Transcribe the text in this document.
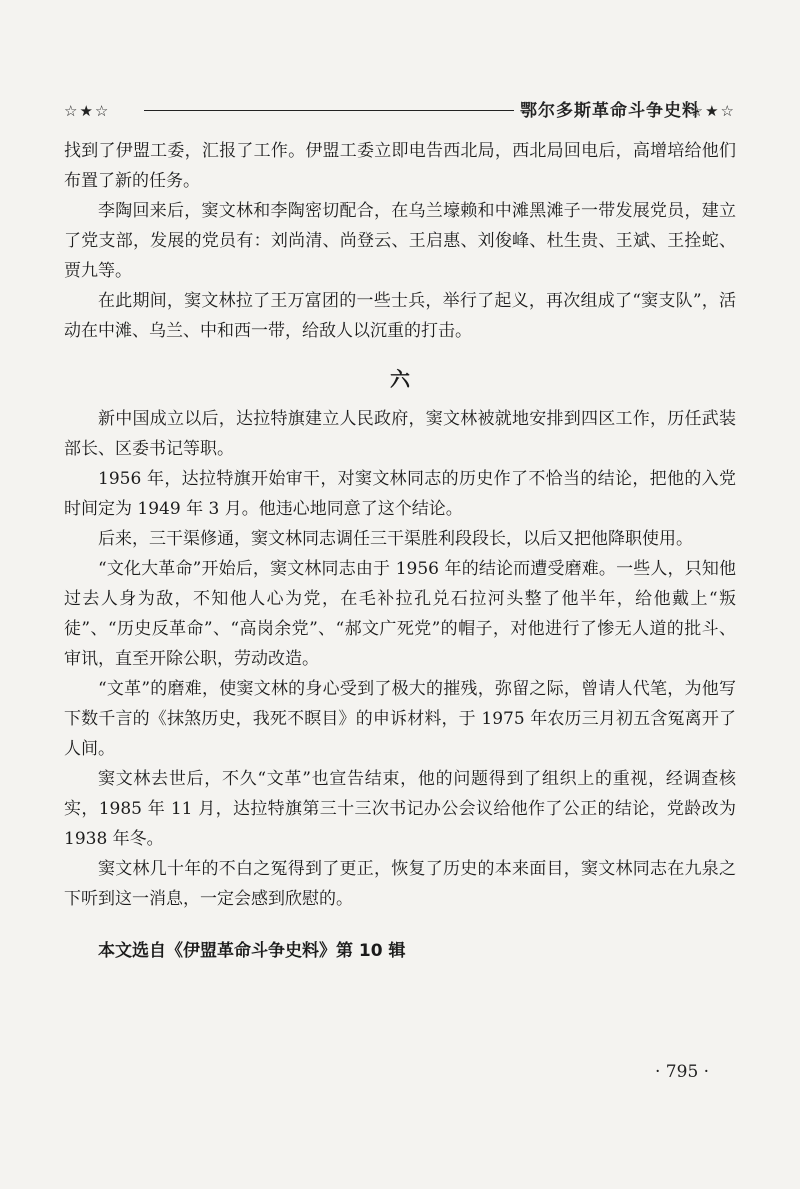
☆★☆	鄂尔多斯革命斗争史料
☆★☆

找到了伊盟工委，汇报了工作。伊盟工委立即电告西北局，西北局回电后，高增培给他们布置了新的任务。

李陶回来后，窦文林和李陶密切配合，在乌兰壕赖和中滩黑滩子一带发展党员，建立了党支部，发展的党员有：刘尚清、尚登云、王启惠、刘俊峰、杜生贵、王斌、王拴蛇、贾九等。

在此期间，窦文林拉了王万富团的一些士兵，举行了起义，再次组成了“窦支队”，活动在中滩、乌兰、中和西一带，给敌人以沉重的打击。

六

新中国成立以后，达拉特旗建立人民政府，窦文林被就地安排到四区工作，历任武装部长、区委书记等职。

1956 年，达拉特旗开始审干，对窦文林同志的历史作了不恰当的结论，把他的入党时间定为 1949 年 3 月。他违心地同意了这个结论。

后来，三干渠修通，窦文林同志调任三干渠胜利段段长，以后又把他降职使用。

“文化大革命”开始后，窦文林同志由于 1956 年的结论而遭受磨难。一些人，只知他过去人身为敌，不知他人心为党，在毛补拉孔兑石拉河头整了他半年，给他戴上“叛徒”、“历史反革命”、“高岗余党”、“郝文广死党”的帽子，对他进行了惨无人道的批斗、审讯，直至开除公职，劳动改造。

“文革”的磨难，使窦文林的身心受到了极大的摧残，弥留之际，曾请人代笔，为他写下数千言的《抹煞历史，我死不瞑目》的申诉材料，于 1975 年农历三月初五含冤离开了人间。

窦文林去世后，不久“文革”也宣告结束，他的问题得到了组织上的重视，经调查核实，1985 年 11 月，达拉特旗第三十三次书记办公会议给他作了公正的结论，党龄改为 1938 年冬。

窦文林几十年的不白之冤得到了更正，恢复了历史的本来面目，窦文林同志在九泉之下听到这一消息，一定会感到欣慰的。

本文选自《伊盟革命斗争史料》第 10 辑
· 795 ·
